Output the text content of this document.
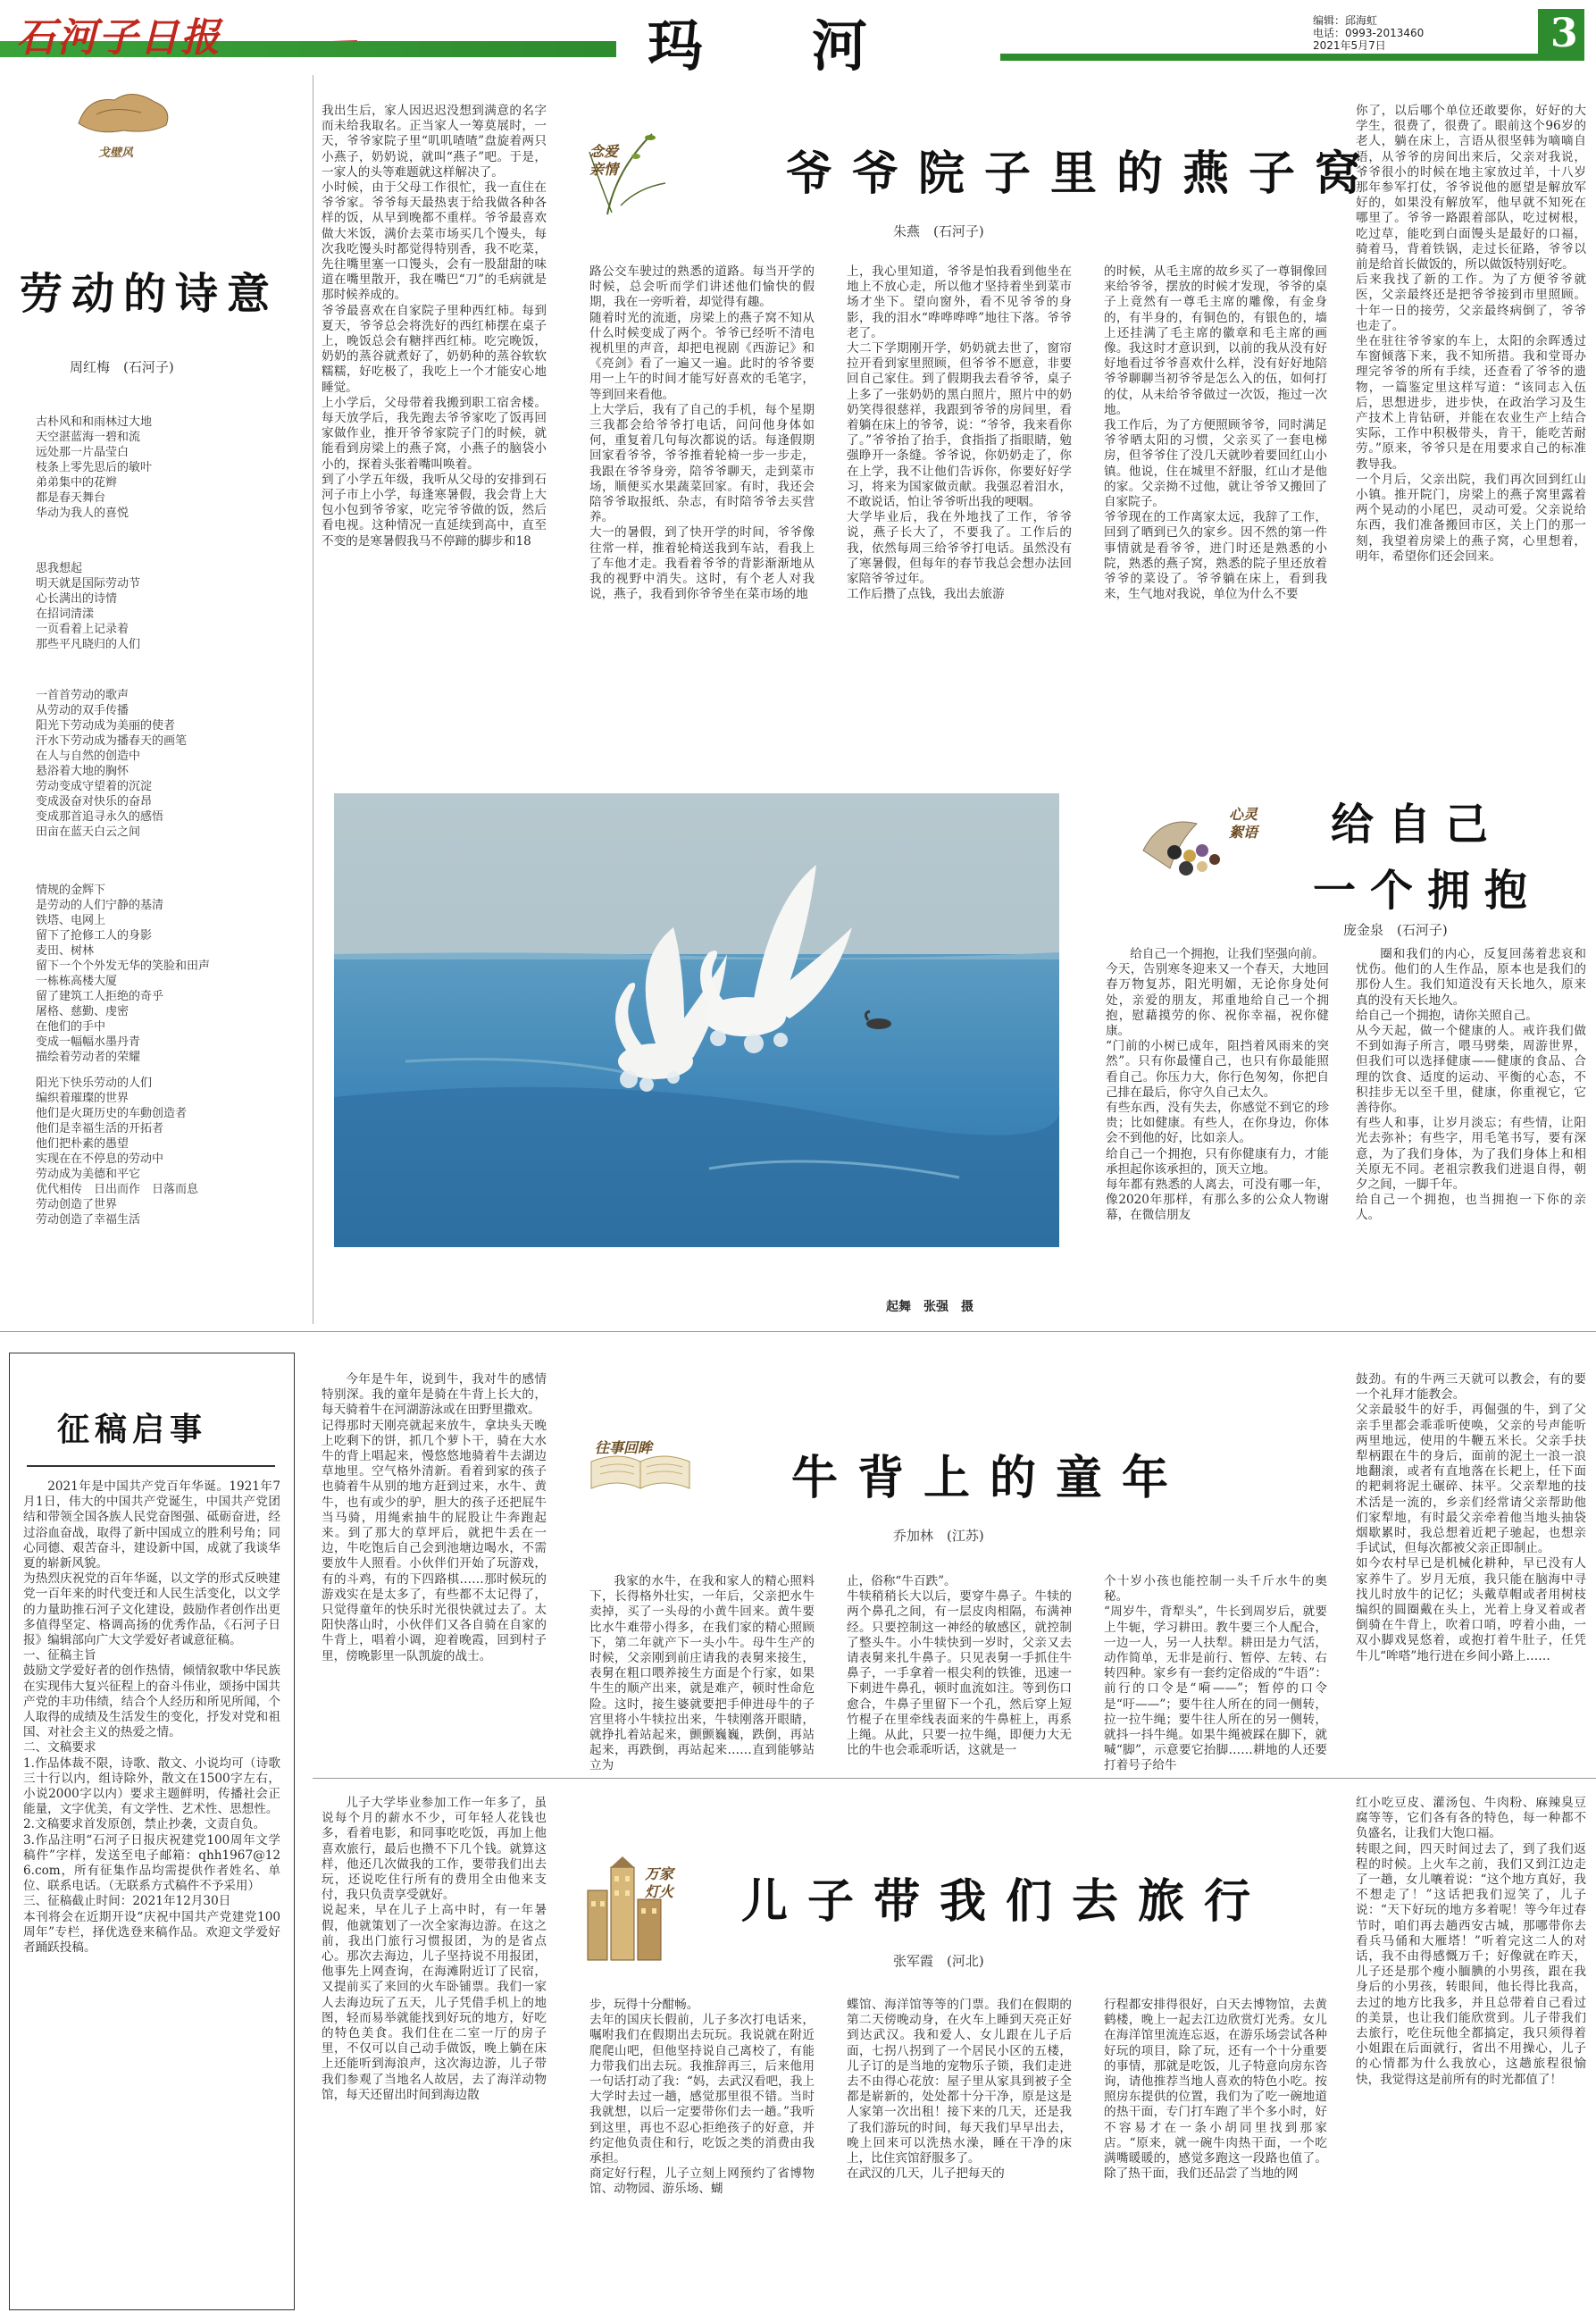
石河子日报	玛　河	编辑：邱海虹
电话：0993-2013460
2021年5月7日	3
戈壁风
劳动的诗意
周红梅　(石河子)
古朴风和和雨林过大地
天空湛蓝海一碧和流
远处那一片晶莹白
枝条上零先思后的敏叶
弟弟集中的花辫
都是春天舞台
华动为我人的喜悦
思我想起
明天就是国际劳动节
心长满出的诗情
在招词清漾
一页看着上记录着
那些平凡晓归的人们
一首首劳动的歌声
从劳动的双手传播
阳光下劳动成为美丽的使者
汗水下劳动成为播春天的画笔
在人与自然的创造中
悬浴着大地的胸怀
劳动变成守望着的沉淀
变成汲奋对快乐的奋昂
变成那首追寻永久的感悟
田亩在蓝天白云之间
情规的金辉下
是劳动的人们宁静的基清
铁塔、电网上
留下了抢修工人的身影
麦田、树林
留下一个个外发无华的笑脸和田声
一栋栋高楼大厦
留了建筑工人拒绝的奇乎
屠格、慈勤、虔密
在他们的手中
变成一幅幅水墨丹青
描绘着劳动者的荣耀
阳光下快乐劳动的人们
编织着璀璨的世界
他们是火斑历史的车動创造者
他们是幸福生活的开拓者
他们把朴素的愚望
实现在在不停息的劳动中
劳动成为美德和平它
优代相传　日出而作　日落而息
劳动创造了世界
劳动创造了幸福生活
征稿启事
2021年是中国共产党百年华诞。1921年7月1日，伟大的中国共产党诞生，中国共产党团结和带领全国各族人民党奋图强、砥砺奋进，经过浴血奋战，取得了新中国成立的胜利号角；同心同德、艰苦奋斗，建设新中国，成就了我谈华夏的崭新风貌。
为热烈庆祝党的百年华诞，以文学的形式反映建党一百年来的时代变迁和人民生活变化，以文学的力量助推石河子文化建设，鼓励作者创作出更多值得坚定、格调高扬的优秀作品，《石河子日报》编辑部向广大文学爱好者诚意征稿。
一、征稿主旨
鼓励文学爱好者的创作热情，倾情叙歌中华民族在实现伟大复兴征程上的奋斗伟业，颂扬中国共产党的丰功伟绩，结合个人经历和所见所闻，个人取得的成绩及生活发生的变化，抒发对党和祖国、对社会主义的热爱之情。
二、文稿要求
1.作品体裁不限，诗歌、散文、小说均可（诗歌三十行以内，组诗除外，散文在1500字左右，小说2000字以内）要求主题鲜明，传播社会正能量，文字优美，有文学性、艺术性、思想性。
2.文稿要求首发原创，禁止抄袭，文责自负。
3.作品注明“石河子日报庆祝建党100周年文学稿件”字样，发送至电子邮箱：qhh1967@126.com，所有征集作品均需提供作者姓名、单位、联系电话。（无联系方式稿件不予采用）
三、征稿截止时间：2021年12月30日
本刊将会在近期开设“庆祝中国共产党建党100周年”专栏，择优选登来稿作品。欢迎文学爱好者踊跃投稿。
我出生后，家人因迟迟没想到满意的名字而未给我取名。正当家人一筹莫展时，一天，爷爷家院子里“叽叽喳喳”盘旋着两只小燕子，奶奶说，就叫“燕子”吧。于是，一家人的头等难题就这样解决了。
小时候，由于父母工作很忙，我一直住在爷爷家。爷爷每天最热衷于给我做各种各样的饭，从早到晚都不重样。爷爷最喜欢做大米饭，满价去菜市场买几个馒头，每次我吃馒头时都觉得特别香，我不吃菜，先往嘴里塞一口馒头，会有一股甜甜的味道在嘴里散开，我在嘴巴“刀”的毛病就是那时候养成的。
爷爷最喜欢在自家院子里种西红柿。每到夏天，爷爷总会将洗好的西红柿摆在桌子上，晚饭总会有糖拌西红柿。吃完晚饭，奶奶的蒸谷就煮好了，奶奶种的蒸谷软软糯糯，好吃极了，我吃上一个才能安心地睡觉。
上小学后，父母带着我搬到职工宿舍楼。每天放学后，我先跑去爷爷家吃了饭再回家做作业，推开爷爷家院子门的时候，就能看到房梁上的燕子窝，小燕子的脑袋小小的，探着头张着嘴叫唤着。
到了小学五年级，我听从父母的安排到石河子市上小学，每逢寒暑假，我会背上大包小包到爷爷家，吃完爷爷做的饭，然后看电视。这种情况一直延续到高中，直至不变的是寒暑假我马不停蹄的脚步和18
念爱亲情	爷爷院子里的燕子窝
朱燕　(石河子)
路公交车驶过的熟悉的道路。每当开学的时候，总会听而学们讲述他们愉快的假期，我在一旁听着，却觉得有趣。
随着时光的流逝，房梁上的燕子窝不知从什么时候变成了两个。爷爷已经听不清电视机里的声音，却把电视剧《西游记》和《亮剑》看了一遍又一遍。此时的爷爷要用一上午的时间才能写好喜欢的毛笔字，等到回来看他。
上大学后，我有了自己的手机，每个星期三我都会给爷爷打电话，问问他身体如何，重复着几句每次都说的话。每逢假期回家看爷爷，爷爷推着轮椅一步一步走，我跟在爷爷身旁，陪爷爷聊天，走到菜市场，顺便买水果蔬菜回家。有时，我还会陪爷爷取报纸、杂志，有时陪爷爷去买营养。
大一的暑假，到了快开学的时间，爷爷像往常一样，推着轮椅送我到车站，看我上了车他才走。我看着爷爷的背影渐渐地从我的视野中消失。这时，有个老人对我说，燕子，我看到你爷爷坐在菜市场的地
上，我心里知道，爷爷是怕我看到他坐在地上不放心走，所以他才坚持着坐到菜市场才坐下。望向窗外，看不见爷爷的身影，我的泪水“哗哗哗哗”地往下落。爷爷老了。
大二下学期刚开学，奶奶就去世了，窗帘拉开看到家里照顾，但爷爷不愿意，非要回自己家住。到了假期我去看爷爷，桌子上多了一张奶奶的黑白照片，照片中的奶奶笑得很慈祥，我跟到爷爷的房间里，看着躺在床上的爷爷，说：“爷爷，我来看你了。”爷爷抬了抬手，食指指了指眼睛，勉强睁开一条缝。爷爷说，你奶奶走了，你在上学，我不让他们告诉你，你要好好学习，将来为国家做贡献。我强忍着泪水，不敢说话，怕让爷爷听出我的哽咽。
大学毕业后，我在外地找了工作，爷爷说，燕子长大了，不要我了。工作后的我，依然每周三给爷爷打电话。虽然没有了寒暑假，但每年的春节我总会想办法回家陪爷爷过年。
工作后攒了点钱，我出去旅游
的时候，从毛主席的故乡买了一尊铜像回来给爷爷，摆放的时候才发现，爷爷的桌子上竟然有一尊毛主席的雕像，有金身的，有半身的，有铜色的，有银色的，墙上还挂满了毛主席的徽章和毛主席的画像。我这时才意识到，以前的我从没有好好地看过爷爷喜欢什么样，没有好好地陪爷爷聊聊当初爷爷是怎么入的伍，如何打的仗，从未给爷爷做过一次饭，拖过一次地。
我工作后，为了方便照顾爷爷，同时满足爷爷晒太阳的习惯，父亲买了一套电梯房，但爷爷住了没几天就吵着要回红山小镇。他说，住在城里不舒服，红山才是他的家。父亲拗不过他，就让爷爷又搬回了自家院子。
爷爷现在的工作离家太远，我辞了工作，回到了晒到已久的家乡。因不然的第一件事情就是看爷爷，进门时还是熟悉的小院，熟悉的燕子窝，熟悉的院子里还放着爷爷的菜设了。爷爷躺在床上，看到我来，生气地对我说，单位为什么不要
你了，以后哪个单位还敢要你，好好的大学生，很费了，很费了。眼前这个96岁的老人，躺在床上，言语从很坚韩为嘀嘀自语，从爷爷的房间出来后，父亲对我说，爷爷很小的时候在地主家放过羊，十八岁那年参军打仗，爷爷说他的愿望是解放军好的，如果没有解放军，他早就不知死在哪里了。爷爷一路跟着部队，吃过树根，吃过草，能吃到白面馒头是最好的口福，骑着马，背着铁锅，走过长征路，爷爷以前是给首长做饭的，所以做饭特别好吃。
后来我找了新的工作。为了方便爷爷就医，父亲最终还是把爷爷接到市里照顾。十年一日的接劳，父亲最终病倒了，爷爷也走了。
坐在驻往爷爷家的车上，太阳的余晖透过车窗倾落下来，我不知所措。我和堂哥办理完爷爷的所有手续，还查看了爷爷的遗物，一篇鉴定里这样写道：“该同志入伍后，思想进步，进步快，在政治学习及生产技术上肯钻研，并能在农业生产上结合实际，工作中积极带头，肯干，能吃苦耐劳。”原来，爷爷只是在用要求自己的标准教导我。
一个月后，父亲出院，我们再次回到红山小镇。推开院门，房梁上的燕子窝里露着两个晃动的小尾巴，灵动可爱。父亲说给东西，我们准备搬回市区，关上门的那一刻，我望着房梁上的燕子窝，心里想着，明年，希望你们还会回来。
起舞　张强　摄
心灵絮语 给自己
一个拥抱
庞金泉　(石河子)
给自己一个拥抱，让我们坚强向前。
今天，告别寒冬迎来又一个春天，大地回春万物复苏，阳光明媚，无论你身处何处，亲爱的朋友，邦重地给自己一个拥抱，慰藉摸劳的你、祝你幸福，祝你健康。
“门前的小树已成年，阻挡着风雨来的突然”。只有你最懂自己，也只有你最能照看自己。你压力大，你行色匆匆，你把自己排在最后，你守久自己太久。
有些东西，没有失去，你感觉不到它的珍贵；比如健康。有些人，在你身边，你体会不到他的好，比如亲人。
给自己一个拥抱，只有你健康有力，才能承担起你该承担的，顶天立地。
每年都有熟悉的人离去，可没有哪一年，像2020年那样，有那么多的公众人物谢幕，在微信朋友
圈和我们的内心，反复回荡着悲哀和忧伤。他们的人生作品，原本也是我们的那份人生。我们知道没有天长地久，原来真的没有天长地久。
给自己一个拥抱，请你关照自己。
从今天起，做一个健康的人。戒许我们做不到如海子所言，喂马劈柴，周游世界，但我们可以选择健康——健康的食品、合理的饮食、适度的运动、平衡的心态，不积挂步无以至千里，健康，你重视它，它善待你。
有些人和事，让岁月淡忘；有些情，让阳光去弥补；有些字，用毛笔书写，要有深意，为了我们身体，为了我们身体上和相关原无不同。老祖宗教我们进退自得，朝夕之间，一脚千年。
给自己一个拥抱，也当拥抱一下你的亲人。
今年是牛年，说到牛，我对牛的感情特别深。我的童年是骑在牛背上长大的，每天骑着牛在河湖游泳或在田野里撒欢。
记得那时天刚亮就起来放牛，拿块头天晚上吃剩下的饼，抓几个萝卜干，骑在大水牛的背上唱起来，慢悠悠地骑着牛去湖边草地里。空气格外清新。看着到家的孩子也骑着牛从别的地方赶到过来，水牛、黄牛，也有或少的驴，胆大的孩子还把屁牛当马骑，用绳索抽牛的屁股让牛奔跑起来。到了那大的草坪后，就把牛丢在一边，牛吃饱后自己会到池塘边喝水，不需要放牛人照看。小伙伴们开始了玩游戏，有的斗鸡，有的下四路棋……那时候玩的游戏实在是太多了，有些都不太记得了，只觉得童年的快乐时光很快就过去了。太阳快落山时，小伙伴们又各自骑在自家的牛背上，唱着小调，迎着晚霞，回到村子里，傍晚影里一队凯旋的战士。
往事回眸
牛背上的童年
乔加林　(江苏)
我家的水牛，在我和家人的精心照料下，长得格外壮实，一年后，父亲把水牛卖掉，买了一头母的小黄牛回来。黄牛要比水牛难带小得多，在我们家的精心照顾下，第二年就产下一头小牛。母牛生产的时候，父亲刚到前庄请我的表舅来接生，表舅在粗口喂养接生方面是个行家，如果牛生的顺产出来，就是难产，顿时性命危险。这时，接生婆就要把手伸进母牛的子宫里将小牛犊拉出来，牛犊刚落开眼睛，就挣扎着站起来，颤颤巍巍，跌倒，再站起来，再跌倒，再站起来……直到能够站立为
止，俗称“牛百跌”。
牛犊稍稍长大以后，要穿牛鼻子。牛犊的两个鼻孔之间，有一层皮肉相隔，布满神经。只要控制这一神经的敏感区，就控制了整头牛。小牛犊快到一岁时，父亲又去请表舅来扎牛鼻子。只见表舅一手抓住牛鼻子，一手拿着一根尖利的铁锥，迅速一下刺进牛鼻孔，顿时血流如注。等到伤口愈合，牛鼻子里留下一个孔，然后穿上短竹棍子在里牵线表面来的牛鼻桩上，再系上绳。从此，只要一拉牛绳，即便力大无比的牛也会乖乖听话，这就是一
个十岁小孩也能控制一头千斤水牛的奥秘。
“周岁牛，背犁头”，牛长到周岁后，就要上牛轭，学习耕田。教牛要三个人配合，一边一人，另一人扶犁。耕田是力气活，动作简单，无非是前行、暂停、左转、右转四种。家乡有一套约定俗成的“牛语”：前行的口令是“嗬——”；暂停的口令是“吁——”；要牛往人所在的同一侧转，拉一拉牛绳；要牛往人所在的另一侧转，就抖一抖牛绳。如果牛绳被踩在脚下，就喊“脚”，示意要它抬脚……耕地的人还要打着号子给牛
鼓劲。有的牛两三天就可以教会，有的要一个礼拜才能教会。
父亲最驳牛的好手，再倔强的牛，到了父亲手里都会乖乖听使唤，父亲的号声能听两里地远，使用的牛鞭五米长。父亲手扶犁柄跟在牛的身后，面前的泥土一浪一浪地翻滚，或者有直地落在长耙上，任下面的耙刺将泥土碾碎、抹平。父亲犁地的技术活是一流的，乡亲们经常请父亲帮助他们家犁地，有时最父亲牵着他当地头抽袋烟歇累时，我总想着近耙子驰起，也想亲手试试，但每次都被父亲正即制止。
如今农村早已是机械化耕种，早已没有人家养牛了。岁月无痕，我只能在脑海中寻找儿时放牛的记忆；头戴草帽或者用树枝编织的圆圈戴在头上，光着上身叉着或者倒骑在牛背上，吹着口哨，哼着小曲，一双小脚戏晃悠着，或抱打着牛肚子，任凭牛儿“哞嗒”地行进在乡间小路上……
儿子大学毕业参加工作一年多了，虽说每个月的薪水不少，可年轻人花钱也多，看着电影，和同事吃吃饭，再加上他喜欢旅行，最后也攒不下几个钱。就算这样，他还几次做我的工作，要带我们出去玩，还说吃住行所有的费用全由他来支付，我只负责享受就好。
说起来，早在儿子上高中时，有一年暑假，他就策划了一次全家海边游。在这之前，我出门旅行习惯报团，为的是省点心。那次去海边，儿子坚持说不用报团，他事先上网查询，在海滩附近订了民宿，又提前买了来回的火车卧铺票。我们一家人去海边玩了五天，儿子凭借手机上的地图，轻而易举就能找到好玩的地方，好吃的特色美食。我们住在二室一厅的房子里，不仅可以自己动手做饭，晚上躺在床上还能听到海浪声，这次海边游，儿子带我们参观了当地名人故居，去了海洋动物馆，每天还留出时间到海边散
万家灯火 儿子带我们去旅行
张军霞　(河北)
步，玩得十分酣畅。
去年的国庆长假前，儿子多次打电话来，嘱咐我们在假期出去玩玩。我说就在附近爬爬山吧，但他坚持说自己离校了，有能力带我们出去玩。我推辞再三，后来他用一句话打动了我：“妈，去武汉看吧，我上大学时去过一趟，感觉那里很不错。当时我就想，以后一定要带你们去一趟。”我听到这里，再也不忍心拒绝孩子的好意，并约定他负责住和行，吃饭之类的消费由我承担。
商定好行程，儿子立刻上网预约了省博物馆、动物园、游乐场、蝴
蝶馆、海洋馆等等的门票。我们在假期的第二天傍晚动身，在火车上睡到天亮正好到达武汉。我和爱人、女儿跟在儿子后面，七拐八拐到了一个居民小区的五楼，儿子订的是当地的宠物乐子锁，我们走进去不由得心花放：屋子里从家具到被子全都是崭新的，处处都十分干净，原是这是人家第一次出租！接下来的几天，还是我了我们游玩的时间，每天我们早早出去，晚上回来可以洗热水澡，睡在干净的床上，比住宾馆舒服多了。
在武汉的几天，儿子把每天的
行程都安排得很好，白天去博物馆，去黄鹤楼，晚上一起去江边欣赏灯光秀。女儿在海洋馆里流连忘返，在游乐场尝试各种好玩的项目，除了玩，还有一个十分重要的事情，那就是吃饭，儿子特意向房东咨询，请他推荐当地人喜欢的特色小吃。按照房东提供的位置，我们为了吃一碗地道的热干面，专门打车跑了半个多小时，好不容易才在一条小胡同里找到那家店。“原来，就一碗牛肉热干面，一个吃满嘴暖暖的，感觉多跑这一段路也值了。除了热干面，我们还品尝了当地的网
红小吃豆皮、灌汤包、牛肉粉、麻辣臭豆腐等等，它们各有各的特色，每一种都不负盛名，让我们大饱口福。
转眼之间，四天时间过去了，到了我们返程的时候。上火车之前，我们又到江边走了一趟，女儿嚷着说：“这个地方真好，我不想走了！”这话把我们逗笑了，儿子说：“天下好玩的地方多着呢！等今年过春节时，咱们再去趟西安古城，那哪带你去看兵马俑和大雁塔！”听着完这二人的对话，我不由得感慨万千；好像就在昨天，儿子还是那个瘦小腼腆的小男孩，跟在我身后的小男孩，转眼间，他长得比我高，去过的地方比我多，并且总带着自己看过的美景，也让我们能欣赏到。儿子带我们去旅行，吃住玩他全都搞定，我只须得着小姐跟在后面就行，省出不用操心，儿子的心情都为什么我放心，这趟旅程很愉快，我觉得这是前所有的时光都值了！
